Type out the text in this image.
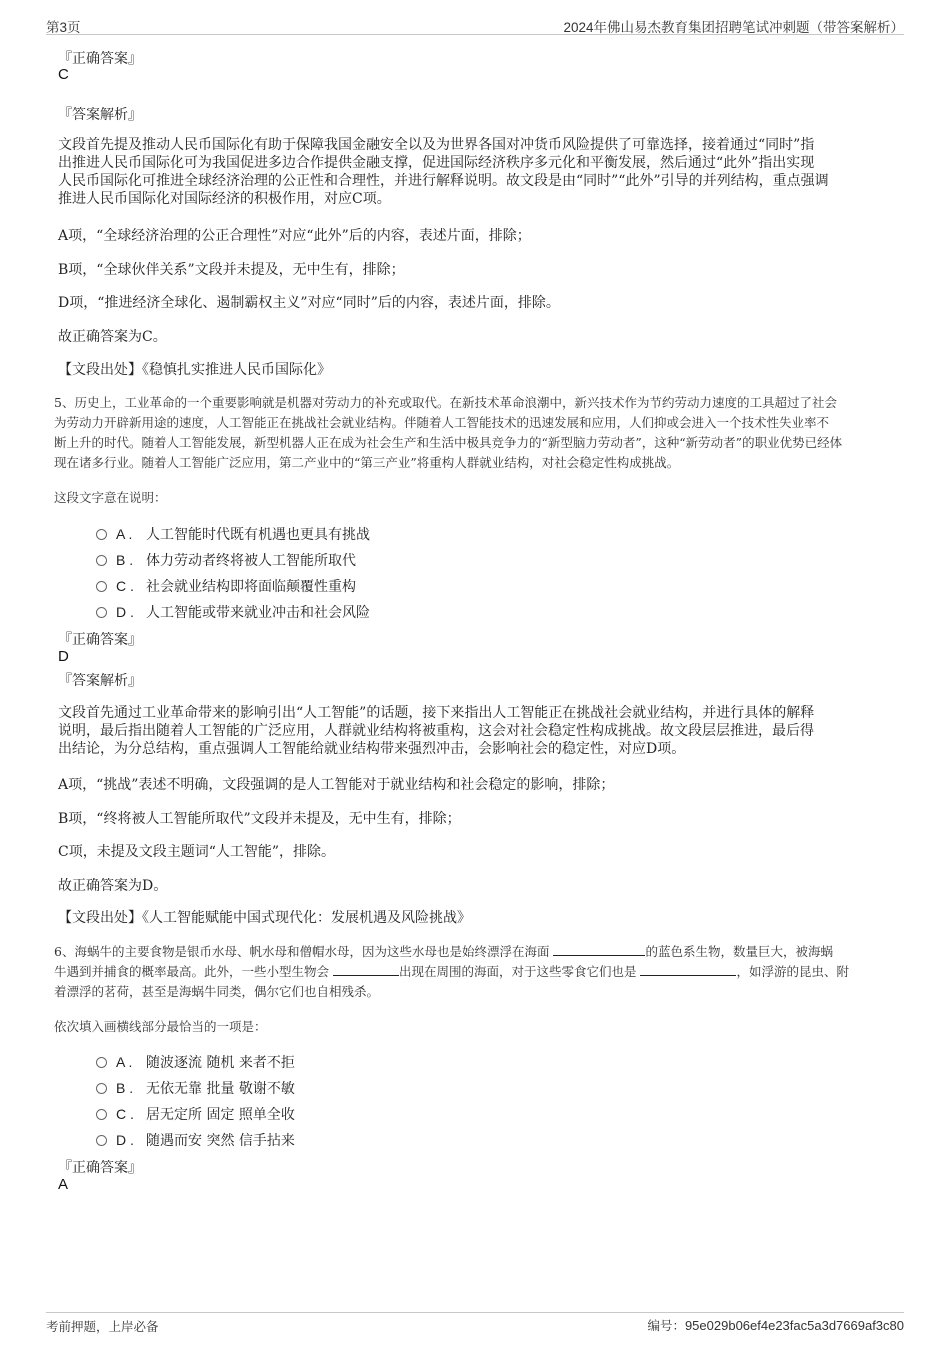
第3页	2024年佛山易杰教育集团招聘笔试冲刺题（带答案解析）
『正确答案』
C
『答案解析』
文段首先提及推动人民币国际化有助于保障我国金融安全以及为世界各国对冲货币风险提供了可靠选择，接着通过“同时”指
出推进人民币国际化可为我国促进多边合作提供金融支撑，促进国际经济秩序多元化和平衡发展，然后通过“此外”指出实现
人民币国际化可推进全球经济治理的公正性和合理性，并进行解释说明。故文段是由“同时”“此外”引导的并列结构，重点强调
推进人民币国际化对国际经济的积极作用，对应C项。
A项，“全球经济治理的公正合理性”对应“此外”后的内容，表述片面，排除；
B项，“全球伙伴关系”文段并未提及，无中生有，排除；
D项，“推进经济全球化、遏制霸权主义”对应“同时”后的内容，表述片面，排除。
故正确答案为C。
【文段出处】《稳慎扎实推进人民币国际化》
5、历史上，工业革命的一个重要影响就是机器对劳动力的补充或取代。在新技术革命浪潮中，新兴技术作为节约劳动力速度的工具超过了社会
为劳动力开辟新用途的速度，人工智能正在挑战社会就业结构。伴随着人工智能技术的迅速发展和应用，人们抑或会进入一个技术性失业率不
断上升的时代。随着人工智能发展，新型机器人正在成为社会生产和生活中极具竞争力的“新型脑力劳动者”，这种“新劳动者”的职业优势已经体
现在诸多行业。随着人工智能广泛应用，第二产业中的“第三产业”将重构人群就业结构，对社会稳定性构成挑战。
这段文字意在说明：
A . 人工智能时代既有机遇也更具有挑战
B . 体力劳动者终将被人工智能所取代
C . 社会就业结构即将面临颠覆性重构
D . 人工智能或带来就业冲击和社会风险
『正确答案』
D
『答案解析』
文段首先通过工业革命带来的影响引出“人工智能”的话题，接下来指出人工智能正在挑战社会就业结构，并进行具体的解释
说明，最后指出随着人工智能的广泛应用，人群就业结构将被重构，这会对社会稳定性构成挑战。故文段层层推进，最后得
出结论，为分总结构，重点强调人工智能给就业结构带来强烈冲击，会影响社会的稳定性，对应D项。
A项，“挑战”表述不明确，文段强调的是人工智能对于就业结构和社会稳定的影响，排除；
B项，“终将被人工智能所取代”文段并未提及，无中生有，排除；
C项，未提及文段主题词“人工智能”，排除。
故正确答案为D。
【文段出处】《人工智能赋能中国式现代化：发展机遇及风险挑战》
6、海蜗牛的主要食物是银币水母、帆水母和僧帽水母，因为这些水母也是始终漂浮在海面	的蓝色系生物，数量巨大，被海蜗
牛遇到并捕食的概率最高。此外，一些小型生物会	出现在周围的海面，对于这些零食它们也是	，如浮游的昆虫、附
着漂浮的茗荷，甚至是海蜗牛同类，偶尔它们也自相残杀。
依次填入画横线部分最恰当的一项是：
A . 随波逐流 随机 来者不拒
B . 无依无靠 批量 敬谢不敏
C . 居无定所 固定 照单全收
D . 随遇而安 突然 信手拈来
『正确答案』
A
考前押题，上岸必备	编号：95e029b06ef4e23fac5a3d7669af3c80
